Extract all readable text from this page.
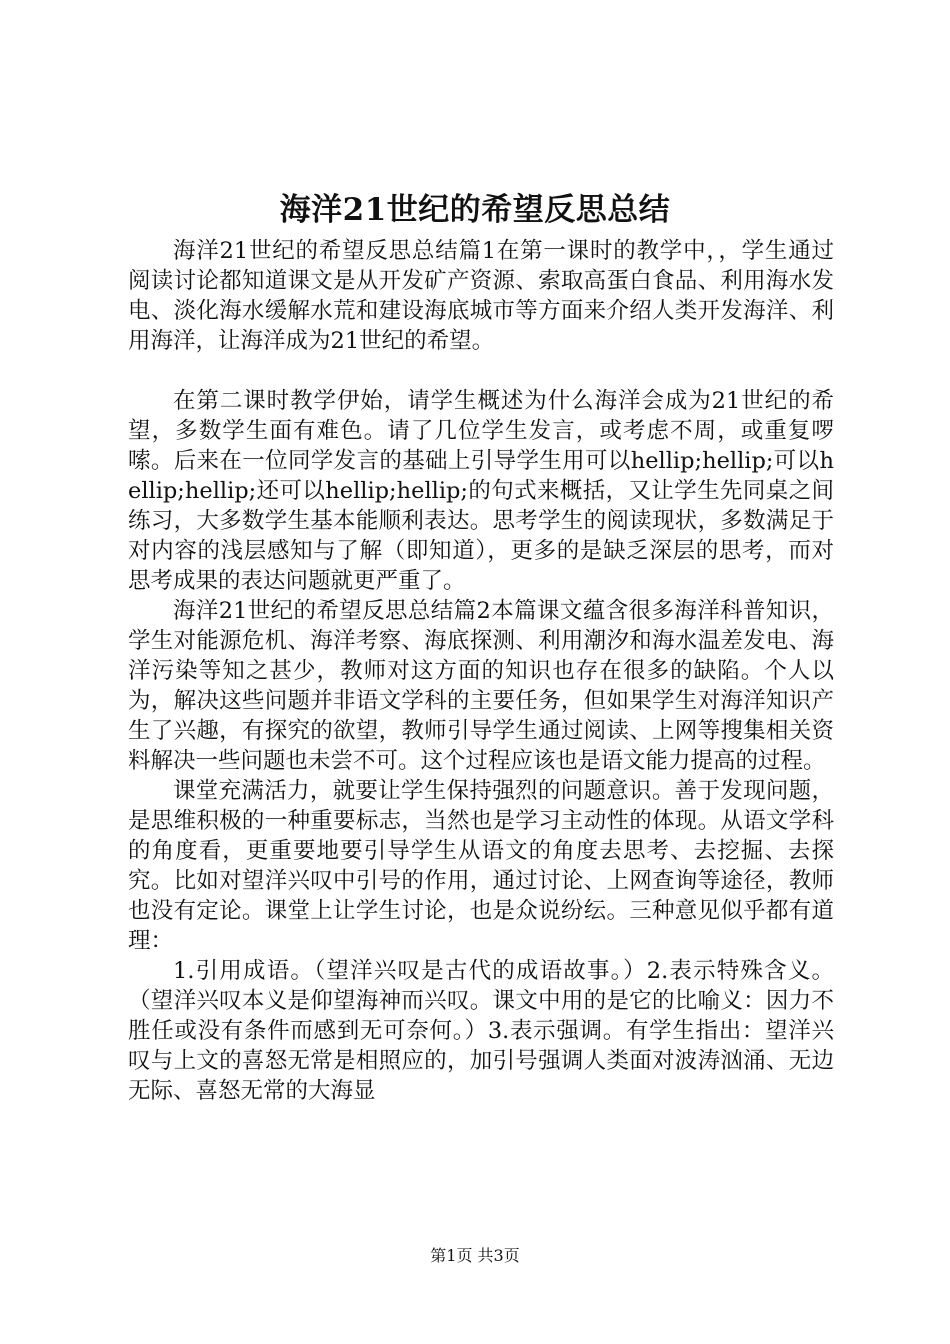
海洋21世纪的希望反思总结

海洋21世纪的希望反思总结篇1在第一课时的教学中，，学生通过阅读讨论都知道课文是从开发矿产资源、索取高蛋白食品、利用海水发电、淡化海水缓解水荒和建设海底城市等方面来介绍人类开发海洋、利用海洋，让海洋成为21世纪的希望。

在第二课时教学伊始，请学生概述为什么海洋会成为21世纪的希望，多数学生面有难色。请了几位学生发言，或考虑不周，或重复啰嗦。后来在一位同学发言的基础上引导学生用可以hellip;hellip;可以hellip;hellip;还可以hellip;hellip;的句式来概括，又让学生先同桌之间练习，大多数学生基本能顺利表达。思考学生的阅读现状，多数满足于对内容的浅层感知与了解（即知道），更多的是缺乏深层的思考，而对思考成果的表达问题就更严重了。

海洋21世纪的希望反思总结篇2本篇课文蕴含很多海洋科普知识，学生对能源危机、海洋考察、海底探测、利用潮汐和海水温差发电、海洋污染等知之甚少，教师对这方面的知识也存在很多的缺陷。个人以为，解决这些问题并非语文学科的主要任务，但如果学生对海洋知识产生了兴趣，有探究的欲望，教师引导学生通过阅读、上网等搜集相关资料解决一些问题也未尝不可。这个过程应该也是语文能力提高的过程。

课堂充满活力，就要让学生保持强烈的问题意识。善于发现问题，是思维积极的一种重要标志，当然也是学习主动性的体现。从语文学科的角度看，更重要地要引导学生从语文的角度去思考、去挖掘、去探究。比如对望洋兴叹中引号的作用，通过讨论、上网查询等途径，教师也没有定论。课堂上让学生讨论，也是众说纷纭。三种意见似乎都有道理：

1.引用成语。（望洋兴叹是古代的成语故事。）2.表示特殊含义。（望洋兴叹本义是仰望海神而兴叹。课文中用的是它的比喻义：因力不胜任或没有条件而感到无可奈何。）3.表示强调。有学生指出：望洋兴叹与上文的喜怒无常是相照应的，加引号强调人类面对波涛汹涌、无边无际、喜怒无常的大海显

第1页 共3页
